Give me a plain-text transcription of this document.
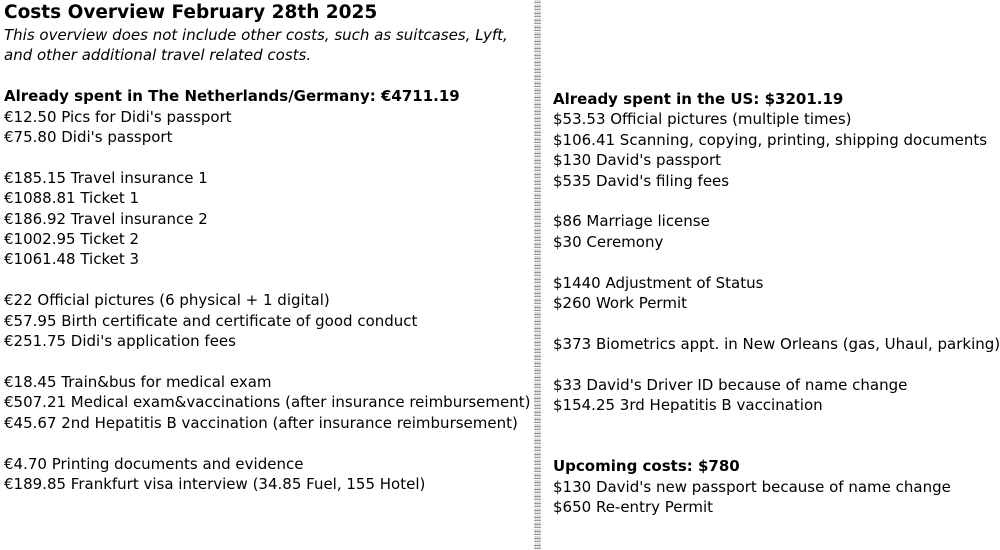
Costs Overview February 28th 2025
This overview does not include other costs, such as suitcases, Lyft,
and other additional travel related costs.
Already spent in The Netherlands/Germany: €4711.19
€12.50 Pics for Didi's passport
€75.80 Didi's passport
€185.15 Travel insurance 1
€1088.81 Ticket 1
€186.92 Travel insurance 2
€1002.95 Ticket 2
€1061.48 Ticket 3
€22 Official pictures (6 physical + 1 digital)
€57.95 Birth certificate and certificate of good conduct
€251.75 Didi's application fees
€18.45 Train&bus for medical exam
€507.21 Medical exam&vaccinations (after insurance reimbursement)
€45.67 2nd Hepatitis B vaccination (after insurance reimbursement)
€4.70 Printing documents and evidence
€189.85 Frankfurt visa interview (34.85 Fuel, 155 Hotel)
Already spent in the US: $3201.19
$53.53 Official pictures (multiple times)
$106.41 Scanning, copying, printing, shipping documents
$130 David's passport
$535 David's filing fees
$86 Marriage license
$30 Ceremony
$1440 Adjustment of Status
$260 Work Permit
$373 Biometrics appt. in New Orleans (gas, Uhaul, parking)
$33 David's Driver ID because of name change
$154.25 3rd Hepatitis B vaccination
Upcoming costs: $780
$130 David's new passport because of name change
$650 Re-entry Permit
